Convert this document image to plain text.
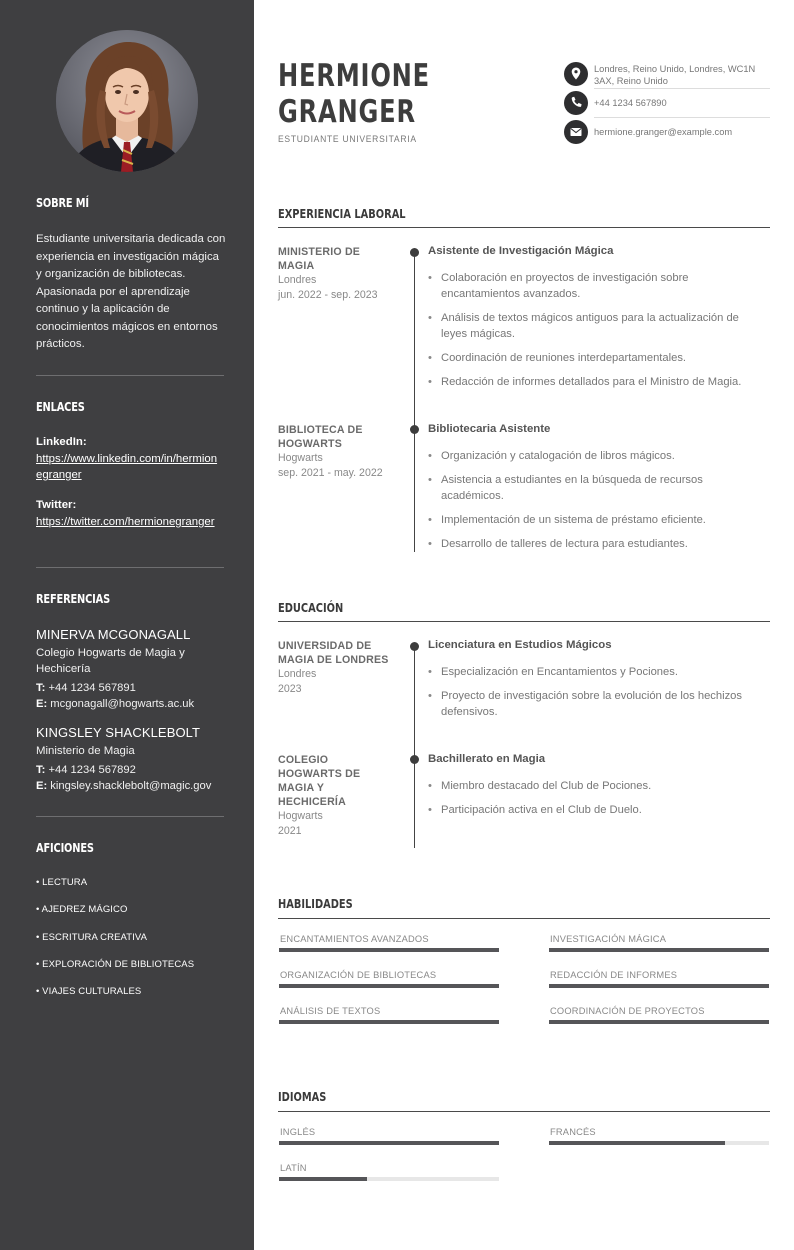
SOBRE MÍ
Estudiante universitaria dedicada con experiencia en investigación mágica y organización de bibliotecas. Apasionada por el aprendizaje continuo y la aplicación de conocimientos mágicos en entornos prácticos.
ENLACES
LinkedIn:
https://www.linkedin.com/in/hermionegranger
Twitter:
https://twitter.com/hermionegranger
REFERENCIAS
MINERVA MCGONAGALL
Colegio Hogwarts de Magia y Hechicería
T: +44 1234 567891
E: mcgonagall@hogwarts.ac.uk
KINGSLEY SHACKLEBOLT
Ministerio de Magia
T: +44 1234 567892
E: kingsley.shacklebolt@magic.gov
AFICIONES
• LECTURA
• AJEDREZ MÁGICO
• ESCRITURA CREATIVA
• EXPLORACIÓN DE BIBLIOTECAS
• VIAJES CULTURALES
HERMIONE
GRANGER
ESTUDIANTE UNIVERSITARIA
Londres, Reino Unido, Londres, WC1N 3AX, Reino Unido
+44 1234 567890
hermione.granger@example.com
EXPERIENCIA LABORAL
MINISTERIO DE MAGIA
Londres
jun. 2022 - sep. 2023
Asistente de Investigación Mágica
• Colaboración en proyectos de investigación sobre encantamientos avanzados.
• Análisis de textos mágicos antiguos para la actualización de leyes mágicas.
• Coordinación de reuniones interdepartamentales.
• Redacción de informes detallados para el Ministro de Magia.
BIBLIOTECA DE HOGWARTS
Hogwarts
sep. 2021 - may. 2022
Bibliotecaria Asistente
• Organización y catalogación de libros mágicos.
• Asistencia a estudiantes en la búsqueda de recursos académicos.
• Implementación de un sistema de préstamo eficiente.
• Desarrollo de talleres de lectura para estudiantes.
EDUCACIÓN
UNIVERSIDAD DE MAGIA DE LONDRES
Londres
2023
Licenciatura en Estudios Mágicos
• Especialización en Encantamientos y Pociones.
• Proyecto de investigación sobre la evolución de los hechizos defensivos.
COLEGIO HOGWARTS DE MAGIA Y HECHICERÍA
Hogwarts
2021
Bachillerato en Magia
• Miembro destacado del Club de Pociones.
• Participación activa en el Club de Duelo.
HABILIDADES
ENCANTAMIENTOS AVANZADOS	INVESTIGACIÓN MÁGICA
ORGANIZACIÓN DE BIBLIOTECAS	REDACCIÓN DE INFORMES
ANÁLISIS DE TEXTOS	COORDINACIÓN DE PROYECTOS
IDIOMAS
INGLÉS	FRANCÉS
LATÍN
